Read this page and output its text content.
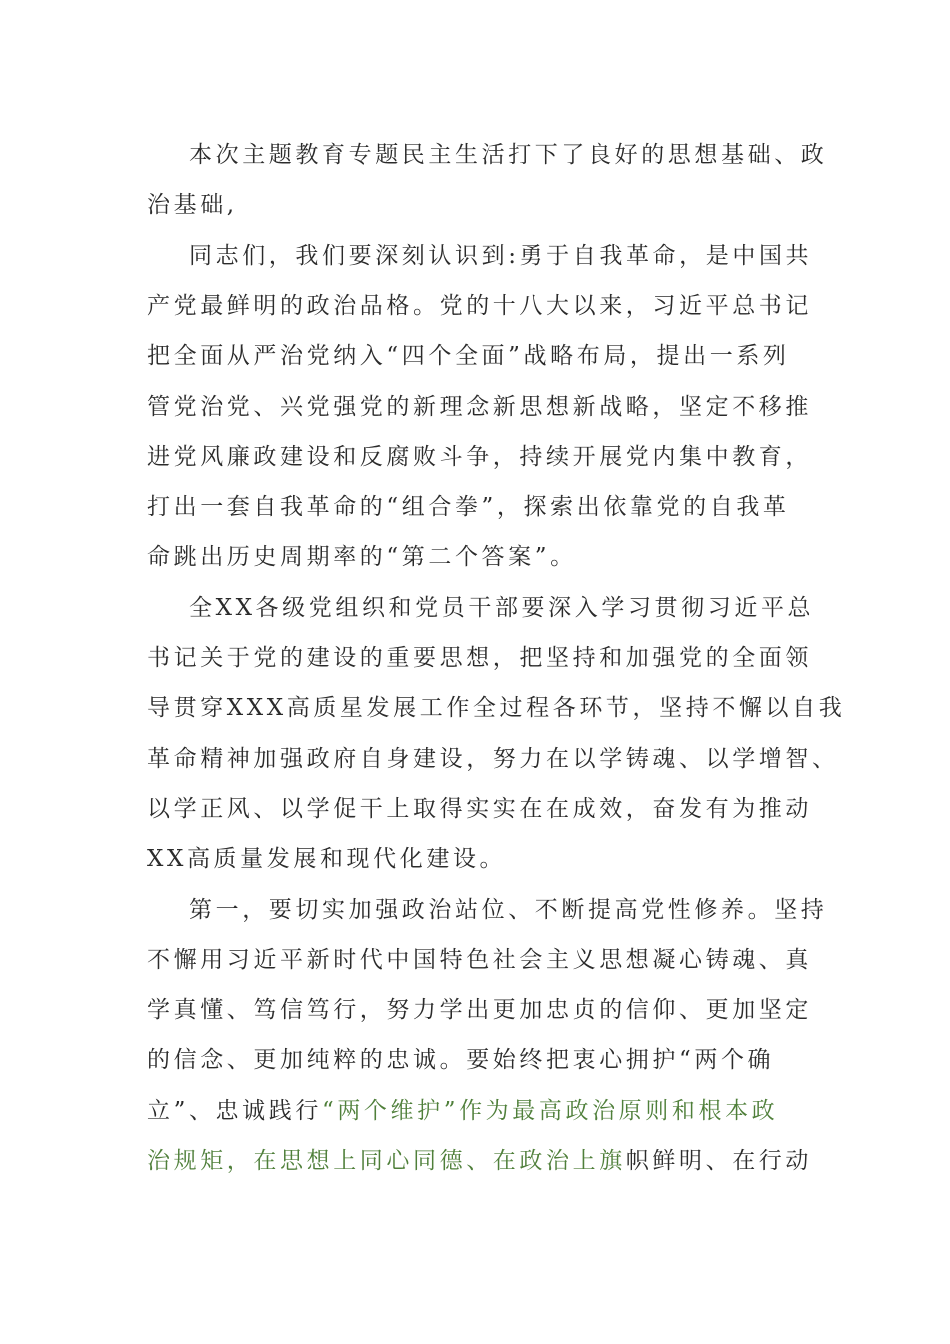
本次主题教育专题民主生活打下了良好的思想基础、政
治基础,
同志们，我们要深刻认识到:勇于自我革命，是中国共
产党最鲜明的政治品格。党的十八大以来，习近平总书记
把全面从严治党纳入“四个全面”战略布局，提出一系列
管党治党、兴党强党的新理念新思想新战略，坚定不移推
进党风廉政建设和反腐败斗争，持续开展党内集中教育，
打出一套自我革命的“组合拳”，探索出依靠党的自我革
命跳出历史周期率的“第二个答案”。
全XX各级党组织和党员干部要深入学习贯彻习近平总
书记关于党的建设的重要思想，把坚持和加强党的全面领
导贯穿XXX高质星发展工作全过程各环节，坚持不懈以自我
革命精神加强政府自身建设，努力在以学铸魂、以学增智、
以学正风、以学促干上取得实实在在成效，奋发有为推动
XX高质量发展和现代化建设。
第一，要切实加强政治站位、不断提高党性修养。坚持
不懈用习近平新时代中国特色社会主义思想凝心铸魂、真
学真懂、笃信笃行，努力学出更加忠贞的信仰、更加坚定
的信念、更加纯粹的忠诚。要始终把衷心拥护“两个确
立”、忠诚践行“两个维护”作为最高政治原则和根本政
治规矩，在思想上同心同德、在政治上旗帜鲜明、在行动
